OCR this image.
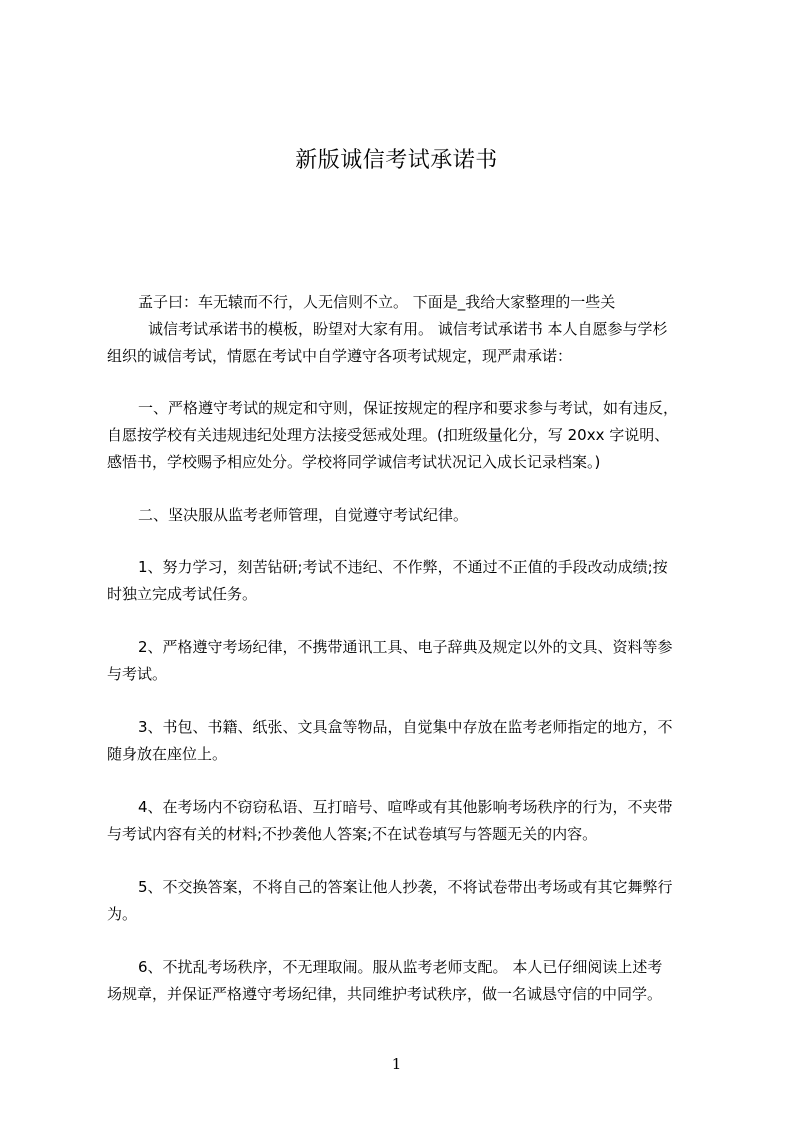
新版诚信考试承诺书
孟子曰：车无辕而不行，人无信则不立。 下面是_我给大家整理的一些关
诚信考试承诺书的模板，盼望对大家有用。 诚信考试承诺书 本人自愿参与学杉
组织的诚信考试，情愿在考试中自学遵守各项考试规定，现严肃承诺：
一、严格遵守考试的规定和守则，保证按规定的程序和要求参与考试，如有违反，
自愿按学校有关违规违纪处理方法接受惩戒处理。(扣班级量化分，写 20xx 字说明、
感悟书，学校赐予相应处分。学校将同学诚信考试状况记入成长记录档案。)
二、坚决服从监考老师管理，自觉遵守考试纪律。
1、努力学习，刻苦钻研;考试不违纪、不作弊，不通过不正值的手段改动成绩;按
时独立完成考试任务。
2、严格遵守考场纪律，不携带通讯工具、电子辞典及规定以外的文具、资料等参
与考试。
3、书包、书籍、纸张、文具盒等物品，自觉集中存放在监考老师指定的地方，不
随身放在座位上。
4、在考场内不窃窃私语、互打暗号、喧哗或有其他影响考场秩序的行为，不夹带
与考试内容有关的材料;不抄袭他人答案;不在试卷填写与答题无关的内容。
5、不交换答案，不将自己的答案让他人抄袭，不将试卷带出考场或有其它舞弊行
为。
6、不扰乱考场秩序，不无理取闹。服从监考老师支配。 本人已仔细阅读上述考
场规章，并保证严格遵守考场纪律，共同维护考试秩序，做一名诚恳守信的中同学。
1
